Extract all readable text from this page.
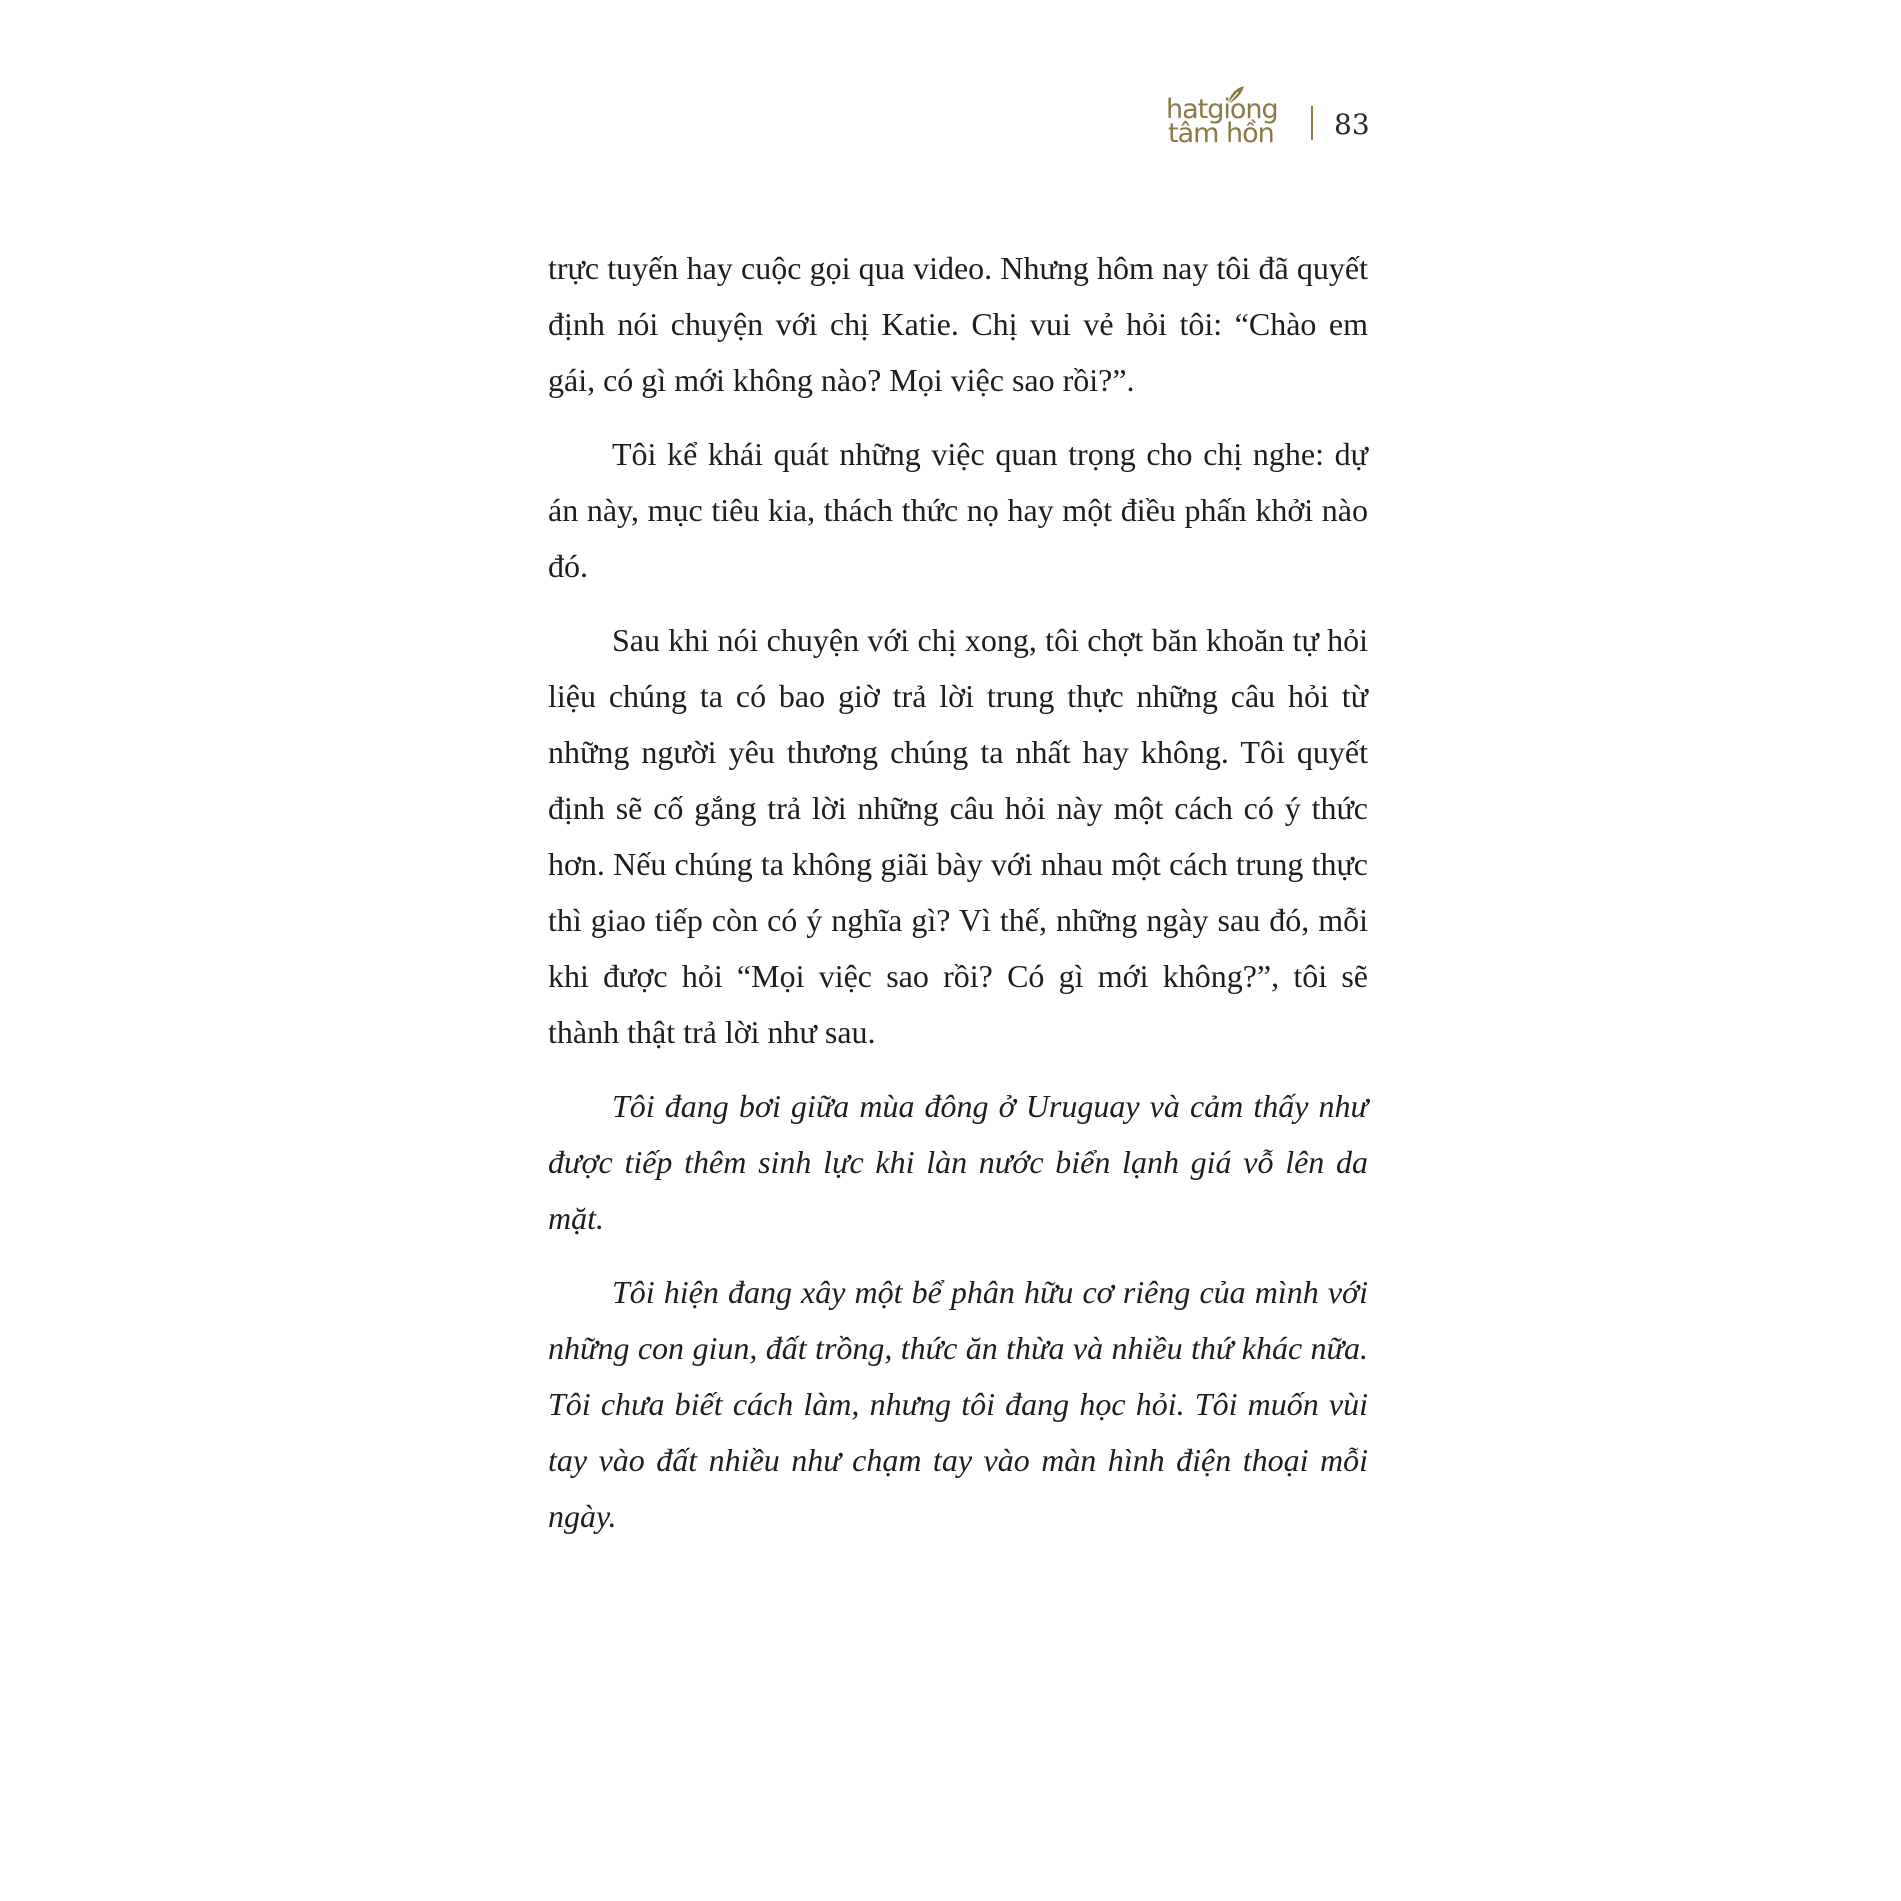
hatgiong
tâm hồn 83

trực tuyến hay cuộc gọi qua video. Nhưng hôm nay tôi đã quyết định nói chuyện với chị Katie. Chị vui vẻ hỏi tôi: “Chào em gái, có gì mới không nào? Mọi việc sao rồi?”.

Tôi kể khái quát những việc quan trọng cho chị nghe: dự án này, mục tiêu kia, thách thức nọ hay một điều phấn khởi nào đó.

Sau khi nói chuyện với chị xong, tôi chợt băn khoăn tự hỏi liệu chúng ta có bao giờ trả lời trung thực những câu hỏi từ những người yêu thương chúng ta nhất hay không. Tôi quyết định sẽ cố gắng trả lời những câu hỏi này một cách có ý thức hơn. Nếu chúng ta không giãi bày với nhau một cách trung thực thì giao tiếp còn có ý nghĩa gì? Vì thế, những ngày sau đó, mỗi khi được hỏi “Mọi việc sao rồi? Có gì mới không?”, tôi sẽ thành thật trả lời như sau.

Tôi đang bơi giữa mùa đông ở Uruguay và cảm thấy như được tiếp thêm sinh lực khi làn nước biển lạnh giá vỗ lên da mặt.

Tôi hiện đang xây một bể phân hữu cơ riêng của mình với những con giun, đất trồng, thức ăn thừa và nhiều thứ khác nữa. Tôi chưa biết cách làm, nhưng tôi đang học hỏi. Tôi muốn vùi tay vào đất nhiều như chạm tay vào màn hình điện thoại mỗi ngày.
